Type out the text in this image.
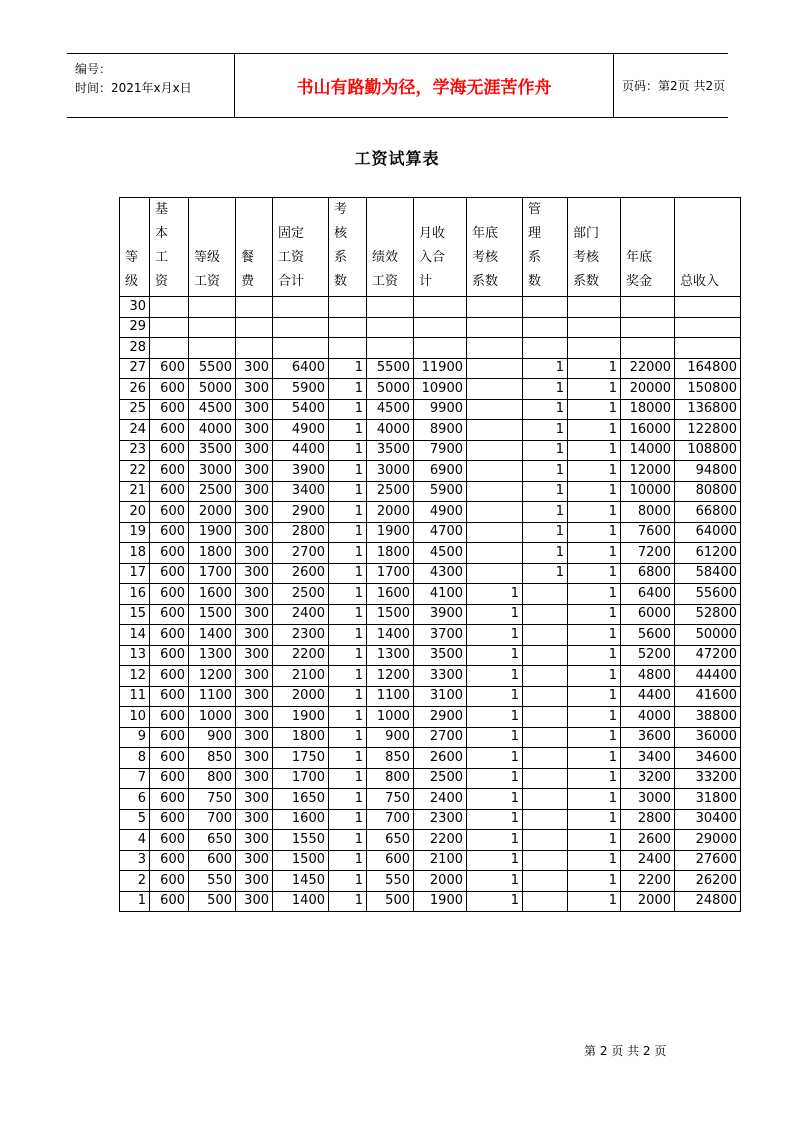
编号：
时间：2021年x月x日	书山有路勤为径，学海无涯苦作舟	页码：第2页 共2页
工资试算表
等
级	基
本
工
资	等级
工资	餐
费	固定
工资
合计	考
核
系
数	绩效
工资	月收
入合
计	年底
考核
系数	管
理
系
数	部门
考核
系数	年底
奖金	总收入
30												
29												
28												
27	600	5500	300	6400	1	5500	11900		1	1	22000	164800
26	600	5000	300	5900	1	5000	10900		1	1	20000	150800
25	600	4500	300	5400	1	4500	9900		1	1	18000	136800
24	600	4000	300	4900	1	4000	8900		1	1	16000	122800
23	600	3500	300	4400	1	3500	7900		1	1	14000	108800
22	600	3000	300	3900	1	3000	6900		1	1	12000	94800
21	600	2500	300	3400	1	2500	5900		1	1	10000	80800
20	600	2000	300	2900	1	2000	4900		1	1	8000	66800
19	600	1900	300	2800	1	1900	4700		1	1	7600	64000
18	600	1800	300	2700	1	1800	4500		1	1	7200	61200
17	600	1700	300	2600	1	1700	4300		1	1	6800	58400
16	600	1600	300	2500	1	1600	4100	1		1	6400	55600
15	600	1500	300	2400	1	1500	3900	1		1	6000	52800
14	600	1400	300	2300	1	1400	3700	1		1	5600	50000
13	600	1300	300	2200	1	1300	3500	1		1	5200	47200
12	600	1200	300	2100	1	1200	3300	1		1	4800	44400
11	600	1100	300	2000	1	1100	3100	1		1	4400	41600
10	600	1000	300	1900	1	1000	2900	1		1	4000	38800
9	600	900	300	1800	1	900	2700	1		1	3600	36000
8	600	850	300	1750	1	850	2600	1		1	3400	34600
7	600	800	300	1700	1	800	2500	1		1	3200	33200
6	600	750	300	1650	1	750	2400	1		1	3000	31800
5	600	700	300	1600	1	700	2300	1		1	2800	30400
4	600	650	300	1550	1	650	2200	1		1	2600	29000
3	600	600	300	1500	1	600	2100	1		1	2400	27600
2	600	550	300	1450	1	550	2000	1		1	2200	26200
1	600	500	300	1400	1	500	1900	1		1	2000	24800
第 2 页 共 2 页
